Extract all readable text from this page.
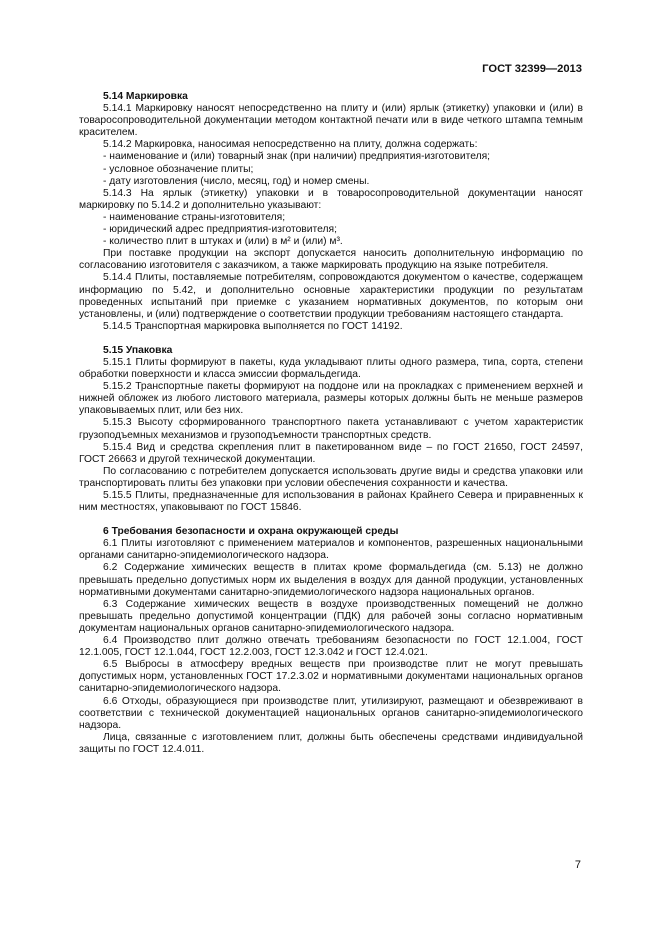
ГОСТ 32399—2013
5.14 Маркировка

5.14.1 Маркировку наносят непосредственно на плиту и (или) ярлык (этикетку) упаковки и (или) в товаросопроводительной документации методом контактной печати или в виде четкого штампа темным красителем.

5.14.2 Маркировка, наносимая непосредственно на плиту, должна содержать:

- наименование и (или) товарный знак (при наличии) предприятия-изготовителя;

- условное обозначение плиты;

- дату изготовления (число, месяц, год) и номер смены.

5.14.3 На ярлык (этикетку) упаковки и в товаросопроводительной документации наносят маркировку по 5.14.2 и дополнительно указывают:

- наименование страны-изготовителя;

- юридический адрес предприятия-изготовителя;

- количество плит в штуках и (или) в м² и (или) м³.

При поставке продукции на экспорт допускается наносить дополнительную информацию по согласованию изготовителя с заказчиком, а также маркировать продукцию на языке потребителя.

5.14.4 Плиты, поставляемые потребителям, сопровождаются документом о качестве, содержащем информацию по 5.42, и дополнительно основные характеристики продукции по результатам проведенных испытаний при приемке с указанием нормативных документов, по которым они установлены, и (или) подтверждение о соответствии продукции требованиям настоящего стандарта.

5.14.5 Транспортная маркировка выполняется по ГОСТ 14192.

5.15 Упаковка

5.15.1 Плиты формируют в пакеты, куда укладывают плиты одного размера, типа, сорта, степени обработки поверхности и класса эмиссии формальдегида.

5.15.2 Транспортные пакеты формируют на поддоне или на прокладках с применением верхней и нижней обложек из любого листового материала, размеры которых должны быть не меньше размеров упаковываемых плит, или без них.

5.15.3 Высоту сформированного транспортного пакета устанавливают с учетом характеристик грузоподъемных механизмов и грузоподъемности транспортных средств.

5.15.4 Вид и средства скрепления плит в пакетированном виде – по ГОСТ 21650, ГОСТ 24597, ГОСТ 26663 и другой технической документации.

По согласованию с потребителем допускается использовать другие виды и средства упаковки или транспортировать плиты без упаковки при условии обеспечения сохранности и качества.

5.15.5 Плиты, предназначенные для использования в районах Крайнего Севера и приравненных к ним местностях, упаковывают по ГОСТ 15846.

6 Требования безопасности и охрана окружающей среды

6.1 Плиты изготовляют с применением материалов и компонентов, разрешенных национальными органами санитарно-эпидемиологического надзора.

6.2 Содержание химических веществ в плитах кроме формальдегида (см. 5.13) не должно превышать предельно допустимых норм их выделения в воздух для данной продукции, установленных нормативными документами санитарно-эпидемиологического надзора национальных органов.

6.3 Содержание химических веществ в воздухе производственных помещений не должно превышать предельно допустимой концентрации (ПДК) для рабочей зоны согласно нормативным документам национальных органов санитарно-эпидемиологического надзора.

6.4 Производство плит должно отвечать требованиям безопасности по ГОСТ 12.1.004, ГОСТ 12.1.005, ГОСТ 12.1.044, ГОСТ 12.2.003, ГОСТ 12.3.042 и ГОСТ 12.4.021.

6.5 Выбросы в атмосферу вредных веществ при производстве плит не могут превышать допустимых норм, установленных ГОСТ 17.2.3.02 и нормативными документами национальных органов санитарно-эпидемиологического надзора.

6.6 Отходы, образующиеся при производстве плит, утилизируют, размещают и обезвреживают в соответствии с технической документацией национальных органов санитарно-эпидемиологического надзора.

Лица, связанные с изготовлением плит, должны быть обеспечены средствами индивидуальной защиты по ГОСТ 12.4.011.

7
